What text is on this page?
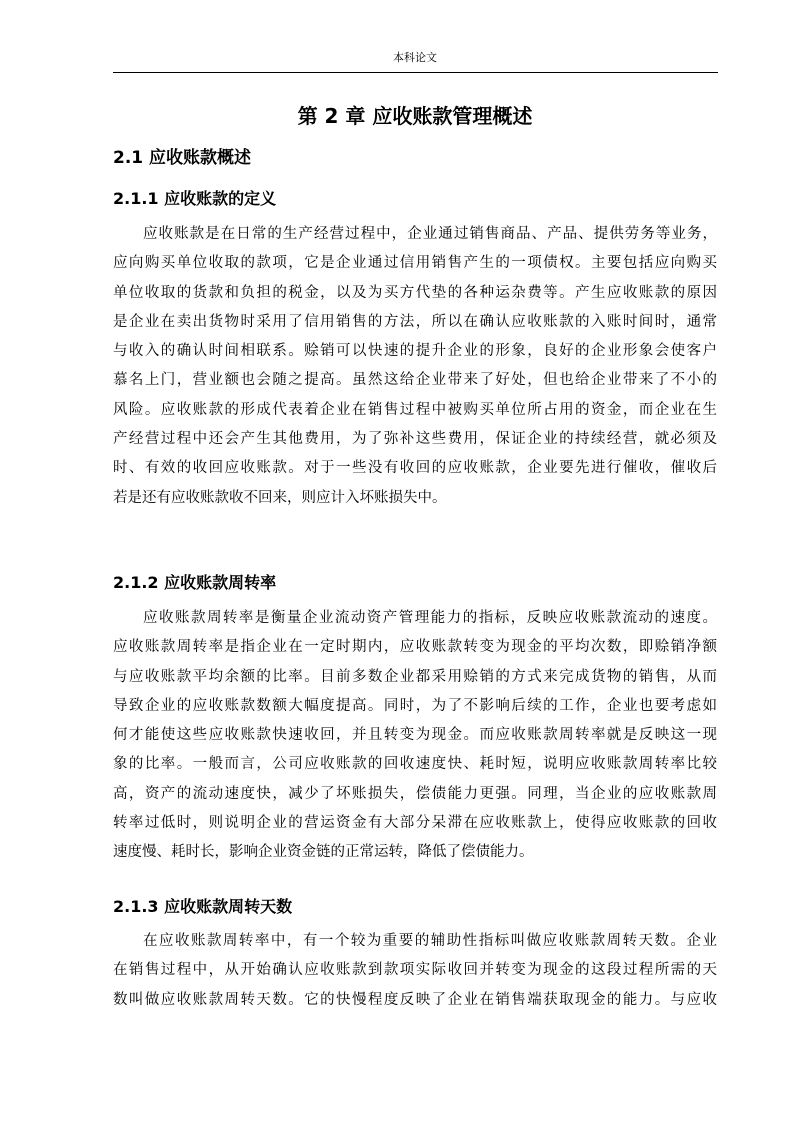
本科论文
第 2 章 应收账款管理概述
2.1 应收账款概述
2.1.1 应收账款的定义
应收账款是在日常的生产经营过程中，企业通过销售商品、产品、提供劳务等业务，
应向购买单位收取的款项，它是企业通过信用销售产生的一项债权。主要包括应向购买
单位收取的货款和负担的税金，以及为买方代垫的各种运杂费等。产生应收账款的原因
是企业在卖出货物时采用了信用销售的方法，所以在确认应收账款的入账时间时，通常
与收入的确认时间相联系。赊销可以快速的提升企业的形象，良好的企业形象会使客户
慕名上门，营业额也会随之提高。虽然这给企业带来了好处，但也给企业带来了不小的
风险。应收账款的形成代表着企业在销售过程中被购买单位所占用的资金，而企业在生
产经营过程中还会产生其他费用，为了弥补这些费用，保证企业的持续经营，就必须及
时、有效的收回应收账款。对于一些没有收回的应收账款，企业要先进行催收，催收后
若是还有应收账款收不回来，则应计入坏账损失中。
2.1.2 应收账款周转率
应收账款周转率是衡量企业流动资产管理能力的指标，反映应收账款流动的速度。
应收账款周转率是指企业在一定时期内，应收账款转变为现金的平均次数，即赊销净额
与应收账款平均余额的比率。目前多数企业都采用赊销的方式来完成货物的销售，从而
导致企业的应收账款数额大幅度提高。同时，为了不影响后续的工作，企业也要考虑如
何才能使这些应收账款快速收回，并且转变为现金。而应收账款周转率就是反映这一现
象的比率。一般而言，公司应收账款的回收速度快、耗时短，说明应收账款周转率比较
高，资产的流动速度快，减少了坏账损失，偿债能力更强。同理，当企业的应收账款周
转率过低时，则说明企业的营运资金有大部分呆滞在应收账款上，使得应收账款的回收
速度慢、耗时长，影响企业资金链的正常运转，降低了偿债能力。
2.1.3 应收账款周转天数
在应收账款周转率中，有一个较为重要的辅助性指标叫做应收账款周转天数。企业
在销售过程中，从开始确认应收账款到款项实际收回并转变为现金的这段过程所需的天
数叫做应收账款周转天数。它的快慢程度反映了企业在销售端获取现金的能力。与应收
